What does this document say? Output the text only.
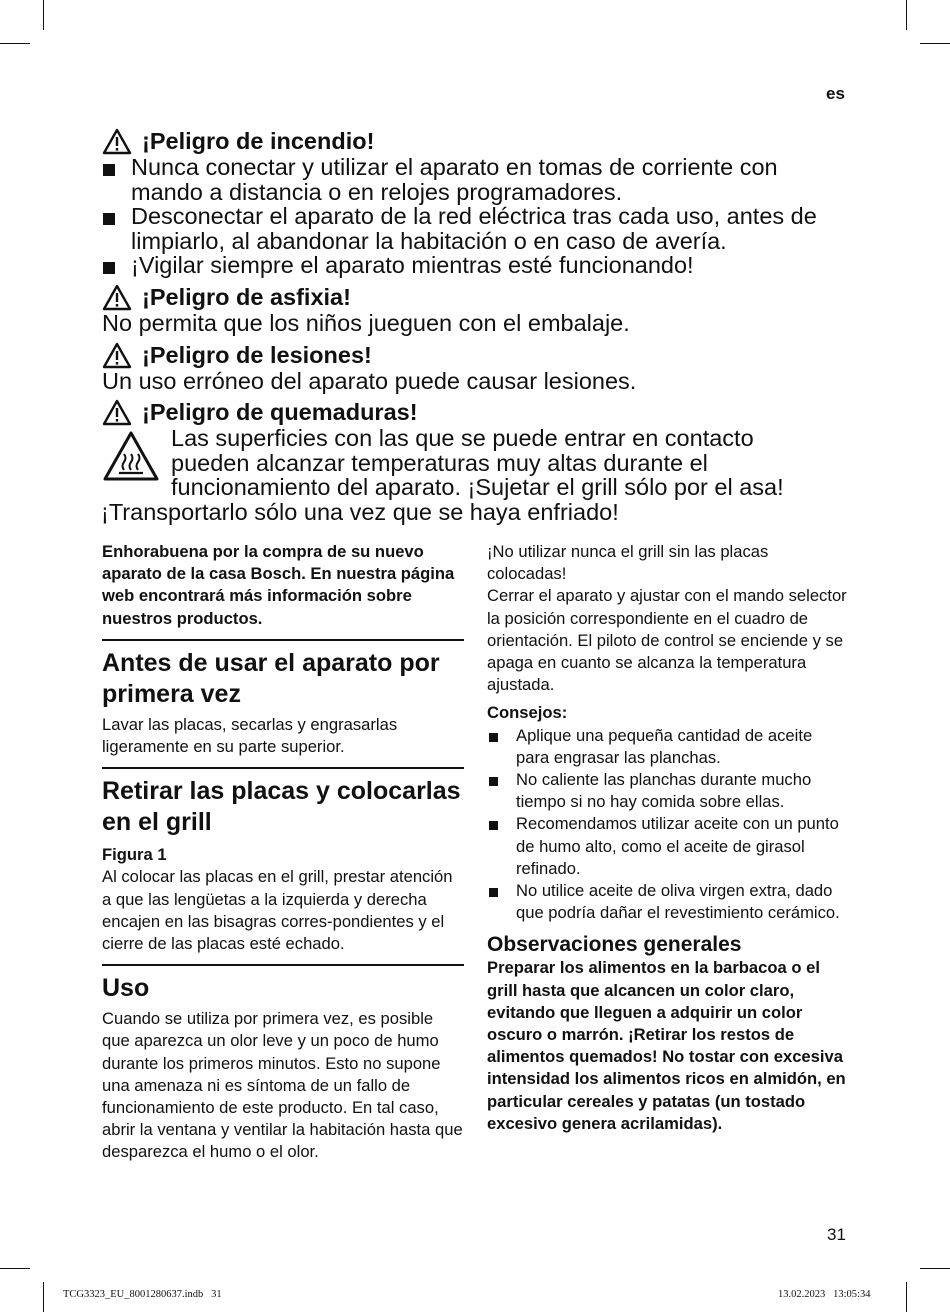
es
¡Peligro de incendio!
Nunca conectar y utilizar el aparato en tomas de corriente con mando a distancia o en relojes programadores.
Desconectar el aparato de la red eléctrica tras cada uso, antes de limpiarlo, al abandonar la habitación o en caso de avería.
¡Vigilar siempre el aparato mientras esté funcionando!
¡Peligro de asfixia!
No permita que los niños jueguen con el embalaje.
¡Peligro de lesiones!
Un uso erróneo del aparato puede causar lesiones.
¡Peligro de quemaduras!
Las superficies con las que se puede entrar en contacto
pueden alcanzar temperaturas muy altas durante el
funcionamiento del aparato. ¡Sujetar el grill sólo por el asa!
¡Transportarlo sólo una vez que se haya enfriado!
Enhorabuena por la compra de su nuevo aparato de la casa Bosch. En nuestra página web encontrará más información sobre nuestros productos.
Antes de usar el aparato por primera vez
Lavar las placas, secarlas y engrasarlas ligeramente en su parte superior.
Retirar las placas y colocarlas en el grill
Figura 1
Al colocar las placas en el grill, prestar atención a que las lengüetas a la izquierda y derecha encajen en las bisagras corres-pondientes y el cierre de las placas esté echado.
Uso
Cuando se utiliza por primera vez, es posible que aparezca un olor leve y un poco de humo durante los primeros minutos. Esto no supone una amenaza ni es síntoma de un fallo de funcionamiento de este producto. En tal caso, abrir la ventana y ventilar la habitación hasta que desparezca el humo o el olor.
¡No utilizar nunca el grill sin las placas colocadas!
Cerrar el aparato y ajustar con el mando selector la posición correspondiente en el cuadro de orientación. El piloto de control se enciende y se apaga en cuanto se alcanza la temperatura ajustada.
Consejos:
Aplique una pequeña cantidad de aceite para engrasar las planchas.
No caliente las planchas durante mucho tiempo si no hay comida sobre ellas.
Recomendamos utilizar aceite con un punto de humo alto, como el aceite de girasol refinado.
No utilice aceite de oliva virgen extra, dado que podría dañar el revestimiento cerámico.
Observaciones generales
Preparar los alimentos en la barbacoa o el grill hasta que alcancen un color claro, evitando que lleguen a adquirir un color oscuro o marrón. ¡Retirar los restos de alimentos quemados! No tostar con excesiva intensidad los alimentos ricos en almidón, en particular cereales y patatas (un tostado excesivo genera acrilamidas).
31
TCG3323_EU_8001280637.indb   31	13.02.2023   13:05:34
